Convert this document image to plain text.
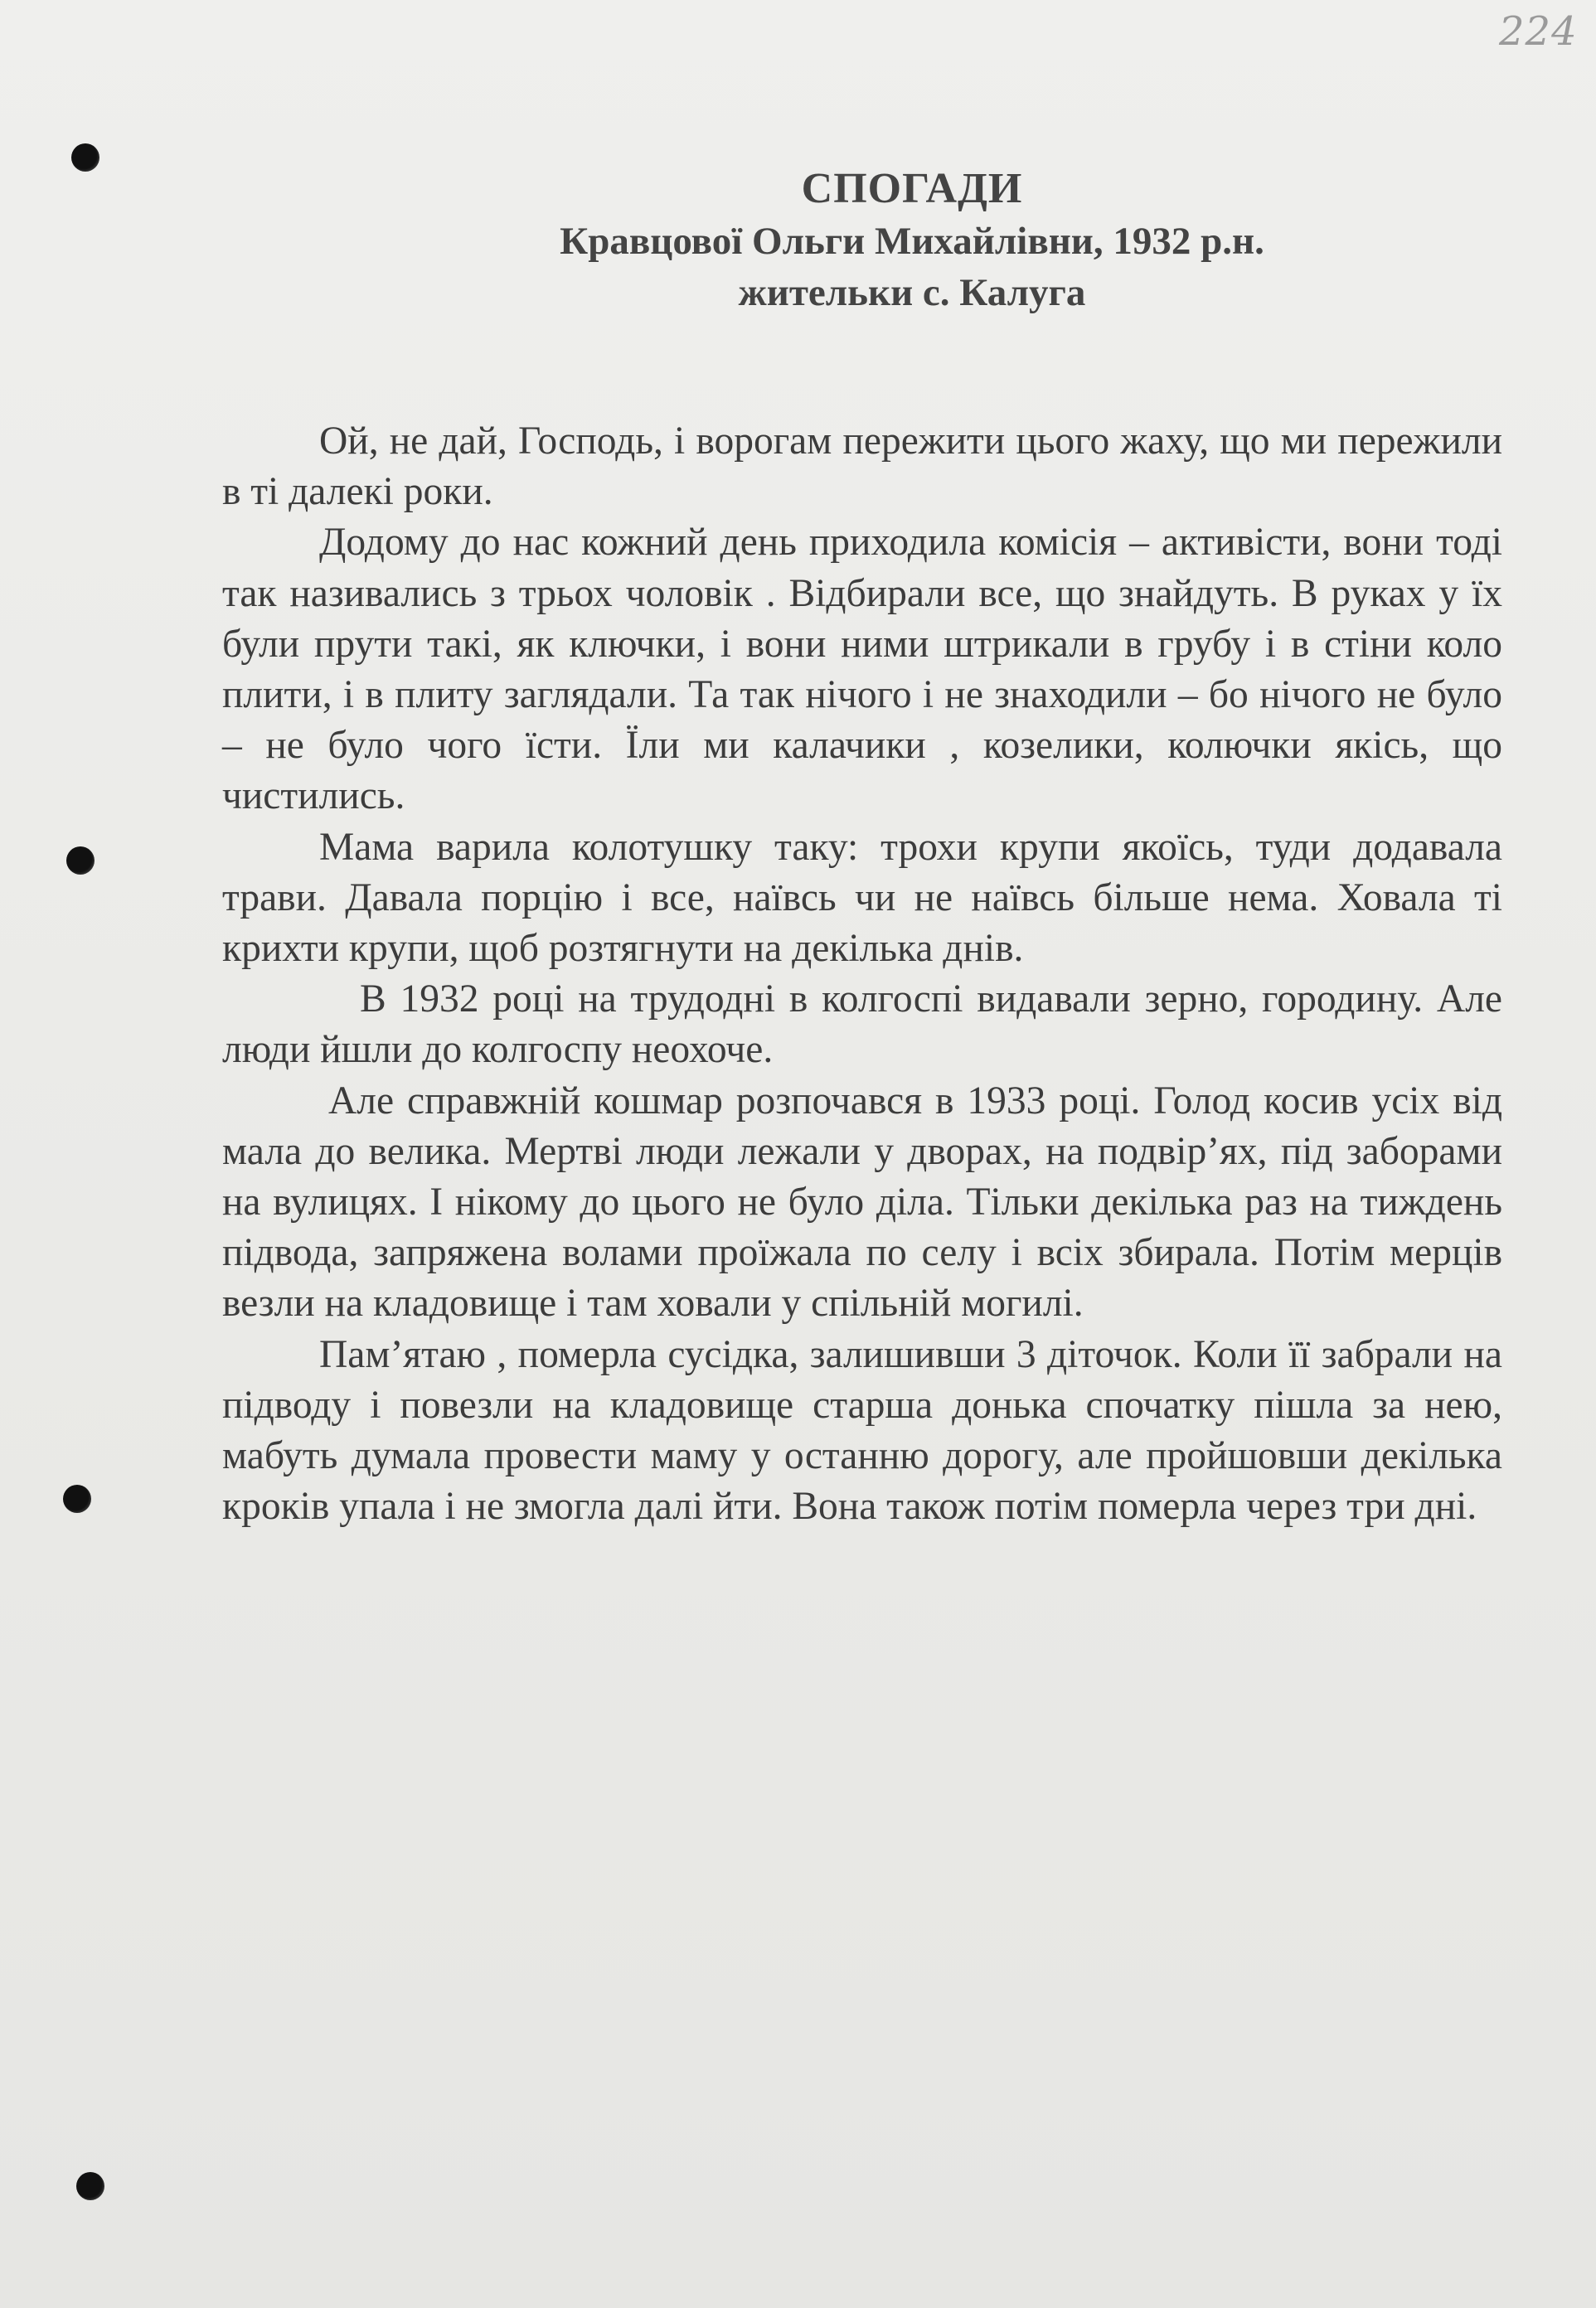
224
СПОГАДИ
Кравцової Ольги Михайлівни, 1932 р.н.
жительки с. Калуга

Ой, не дай, Господь, і ворогам пережити цього жаху, що ми пережили в ті далекі роки.

Додому до нас кожний день приходила комісія – активісти, вони тоді так називались з трьох чоловік . Відбирали все, що знайдуть. В руках у їх були прути такі, як ключки, і вони ними штрикали в грубу і в стіни коло плити, і в плиту заглядали. Та так нічого і не знаходили – бо нічого не було – не було чого їсти. Їли ми калачики , козелики, колючки якісь, що чистились.

Мама варила колотушку таку: трохи крупи якоїсь, туди додавала трави. Давала порцію і все, наївсь чи не наївсь більше нема. Ховала ті крихти крупи, щоб розтягнути на декілька днів.

В 1932 році на трудодні в колгоспі видавали зерно, городину. Але люди йшли до колгоспу неохоче.

Але справжній кошмар розпочався в 1933 році. Голод косив усіх від мала до велика. Мертві люди лежали у дворах, на подвір’ях, під заборами на вулицях. І нікому до цього не було діла. Тільки декілька раз на тиждень підвода, запряжена волами проїжала по селу і всіх збирала. Потім мерців везли на кладовище і там ховали у спільній могилі.

Пам’ятаю , померла сусідка, залишивши 3 діточок. Коли її забрали на підводу і повезли на кладовище старша донька спочатку пішла за нею, мабуть думала провести маму у останню дорогу, але пройшовши декілька кроків упала і не змогла далі йти. Вона також потім померла через три дні.
